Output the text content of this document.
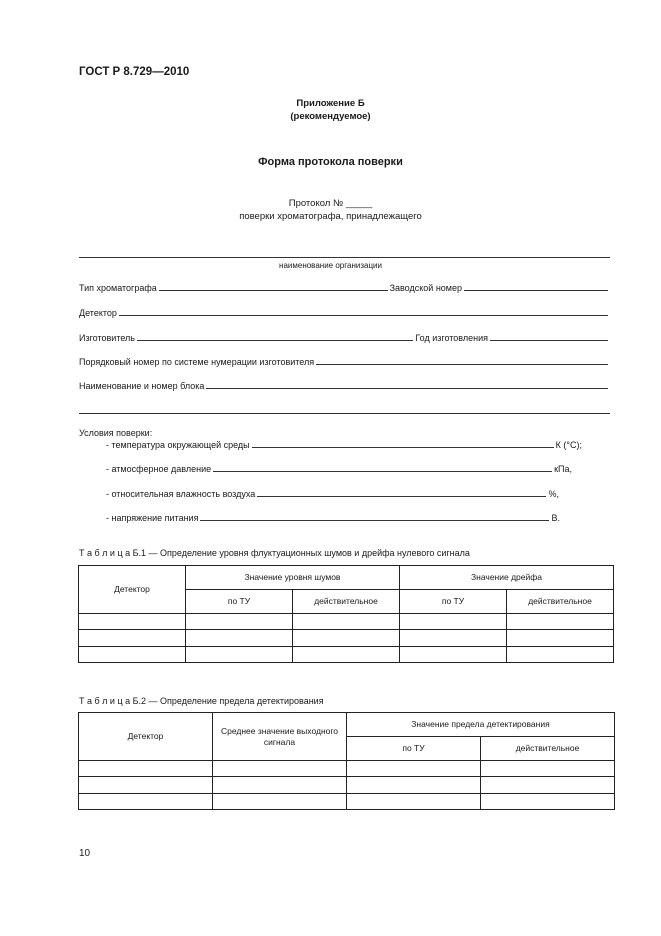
ГОСТ Р 8.729—2010
Приложение Б
(рекомендуемое)
Форма протокола поверки
Протокол № _____
поверки хроматографа, принадлежащего
наименование организации
Тип хроматографа	Заводской номер
Детектор
Изготовитель	Год изготовления
Порядковый номер по системе нумерации изготовителя
Наименование и номер блока
Условия поверки:
- температура окружающей среды	К (°С);
- атмосферное давление	кПа,
- относительная влажность воздуха	%,
- напряжение питания	В.
Т а б л и ц а Б.1 — Определение уровня флуктуационных шумов и дрейфа нулевого сигнала
Детектор	Значение уровня шумов		Значение дрейфа	
	по ТУ	действительное	по ТУ	действительное

Т а б л и ц а Б.2 — Определение предела детектирования
Детектор	Среднее значение выходного сигнала	Значение предела детектирования	
		по ТУ	действительное

10
